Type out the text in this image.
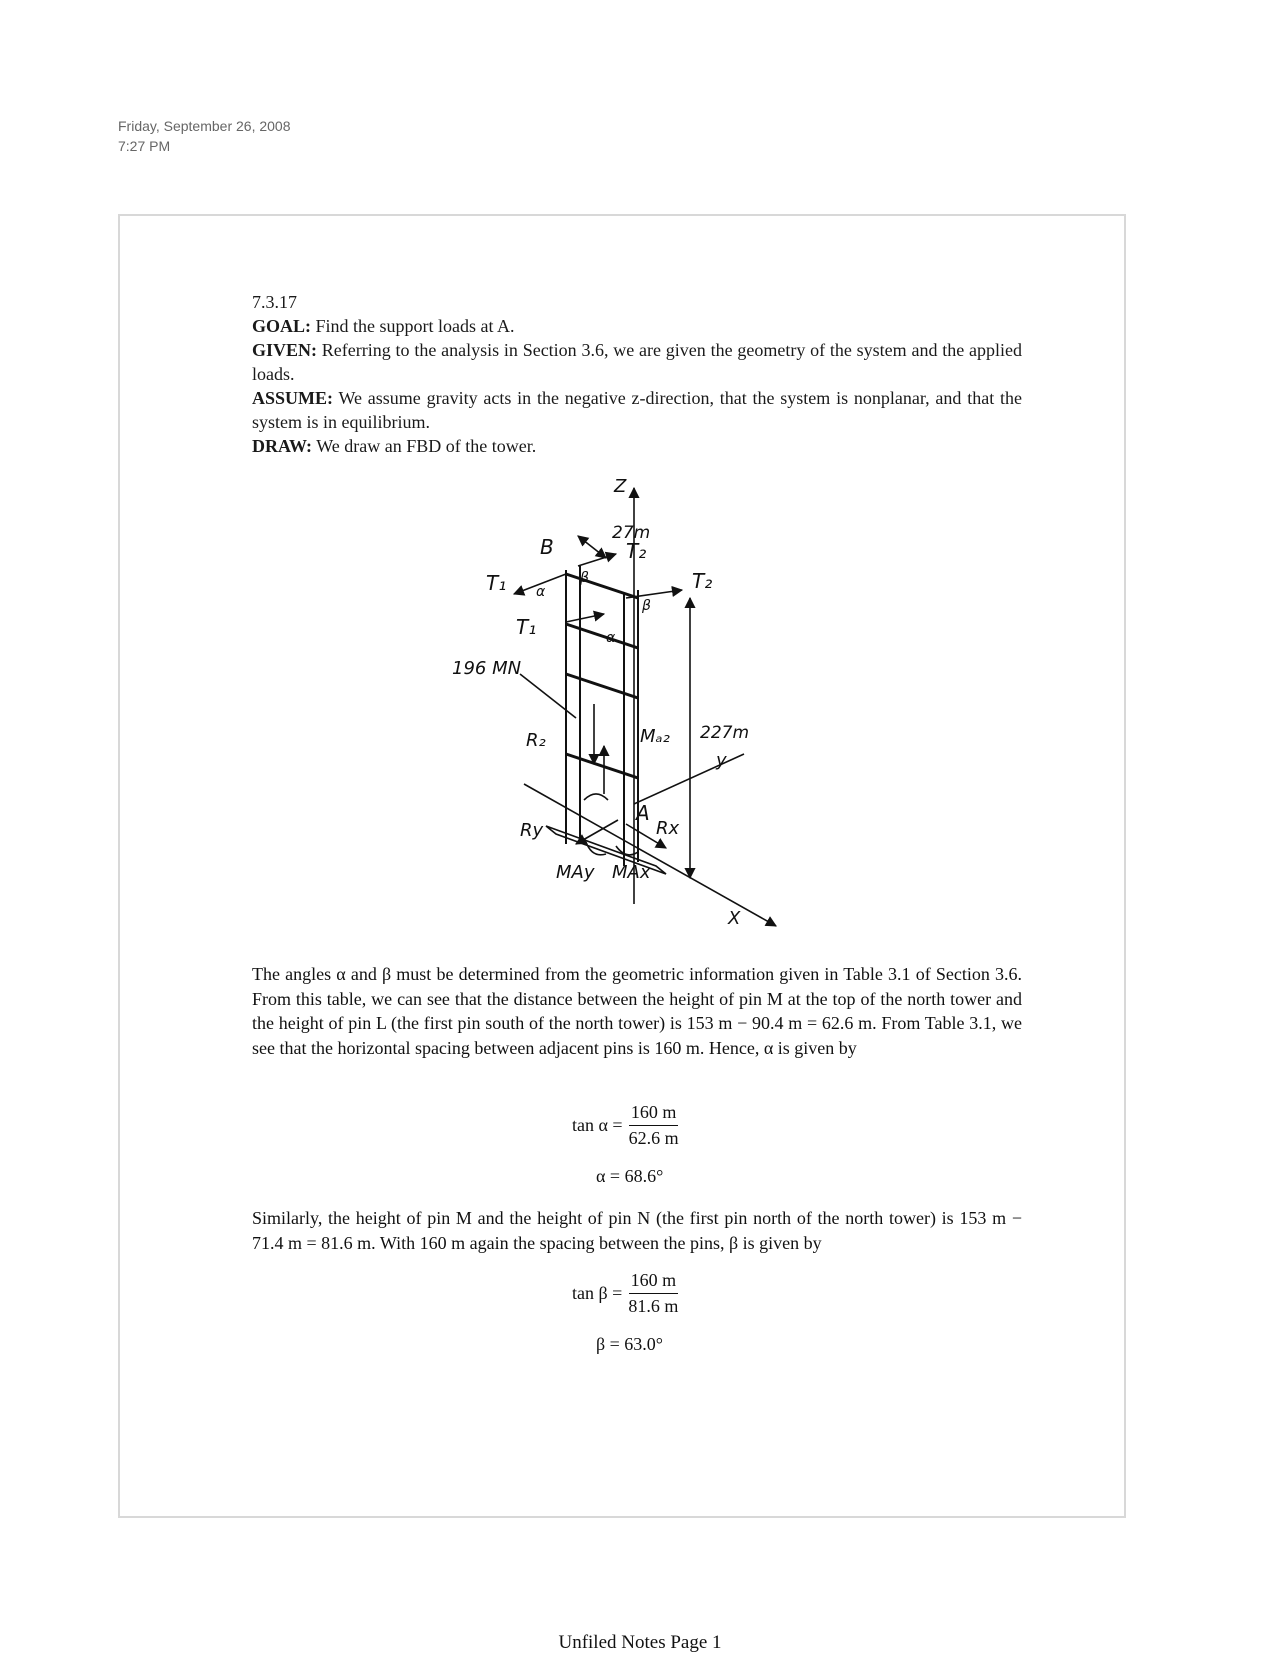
Friday, September 26, 2008
7:27 PM

7.3.17

GOAL: Find the support loads at A.

GIVEN: Referring to the analysis in Section 3.6, we are given the geometry of the system and the applied loads.

ASSUME: We assume gravity acts in the negative z-direction, that the system is nonplanar, and that the system is in equilibrium.

DRAW: We draw an FBD of the tower.

Z
27m
B
T₁
T₁
T₂
T₂
α
α
β
β
196 MN
R₂	Mₐ₂ 227m
y
Ry
A
Rx
MAy MAx
X

The angles α and β must be determined from the geometric information given in Table 3.1 of Section 3.6. From this table, we can see that the distance between the height of pin M at the top of the north tower and the height of pin L (the first pin south of the north tower) is 153 m − 90.4 m = 62.6 m. From Table 3.1, we see that the horizontal spacing between adjacent pins is 160 m. Hence, α is given by

$\tan \alpha = \frac{160 m}{62.6 m}$
α = 68.6°

Similarly, the height of pin M and the height of pin N (the first pin north of the north tower) is 153 m − 71.4 m = 81.6 m. With 160 m again the spacing between the pins, β is given by

$\tan \beta = \frac{160 m}{81.6 m}$
β = 63.0°
Unfiled Notes Page 1
